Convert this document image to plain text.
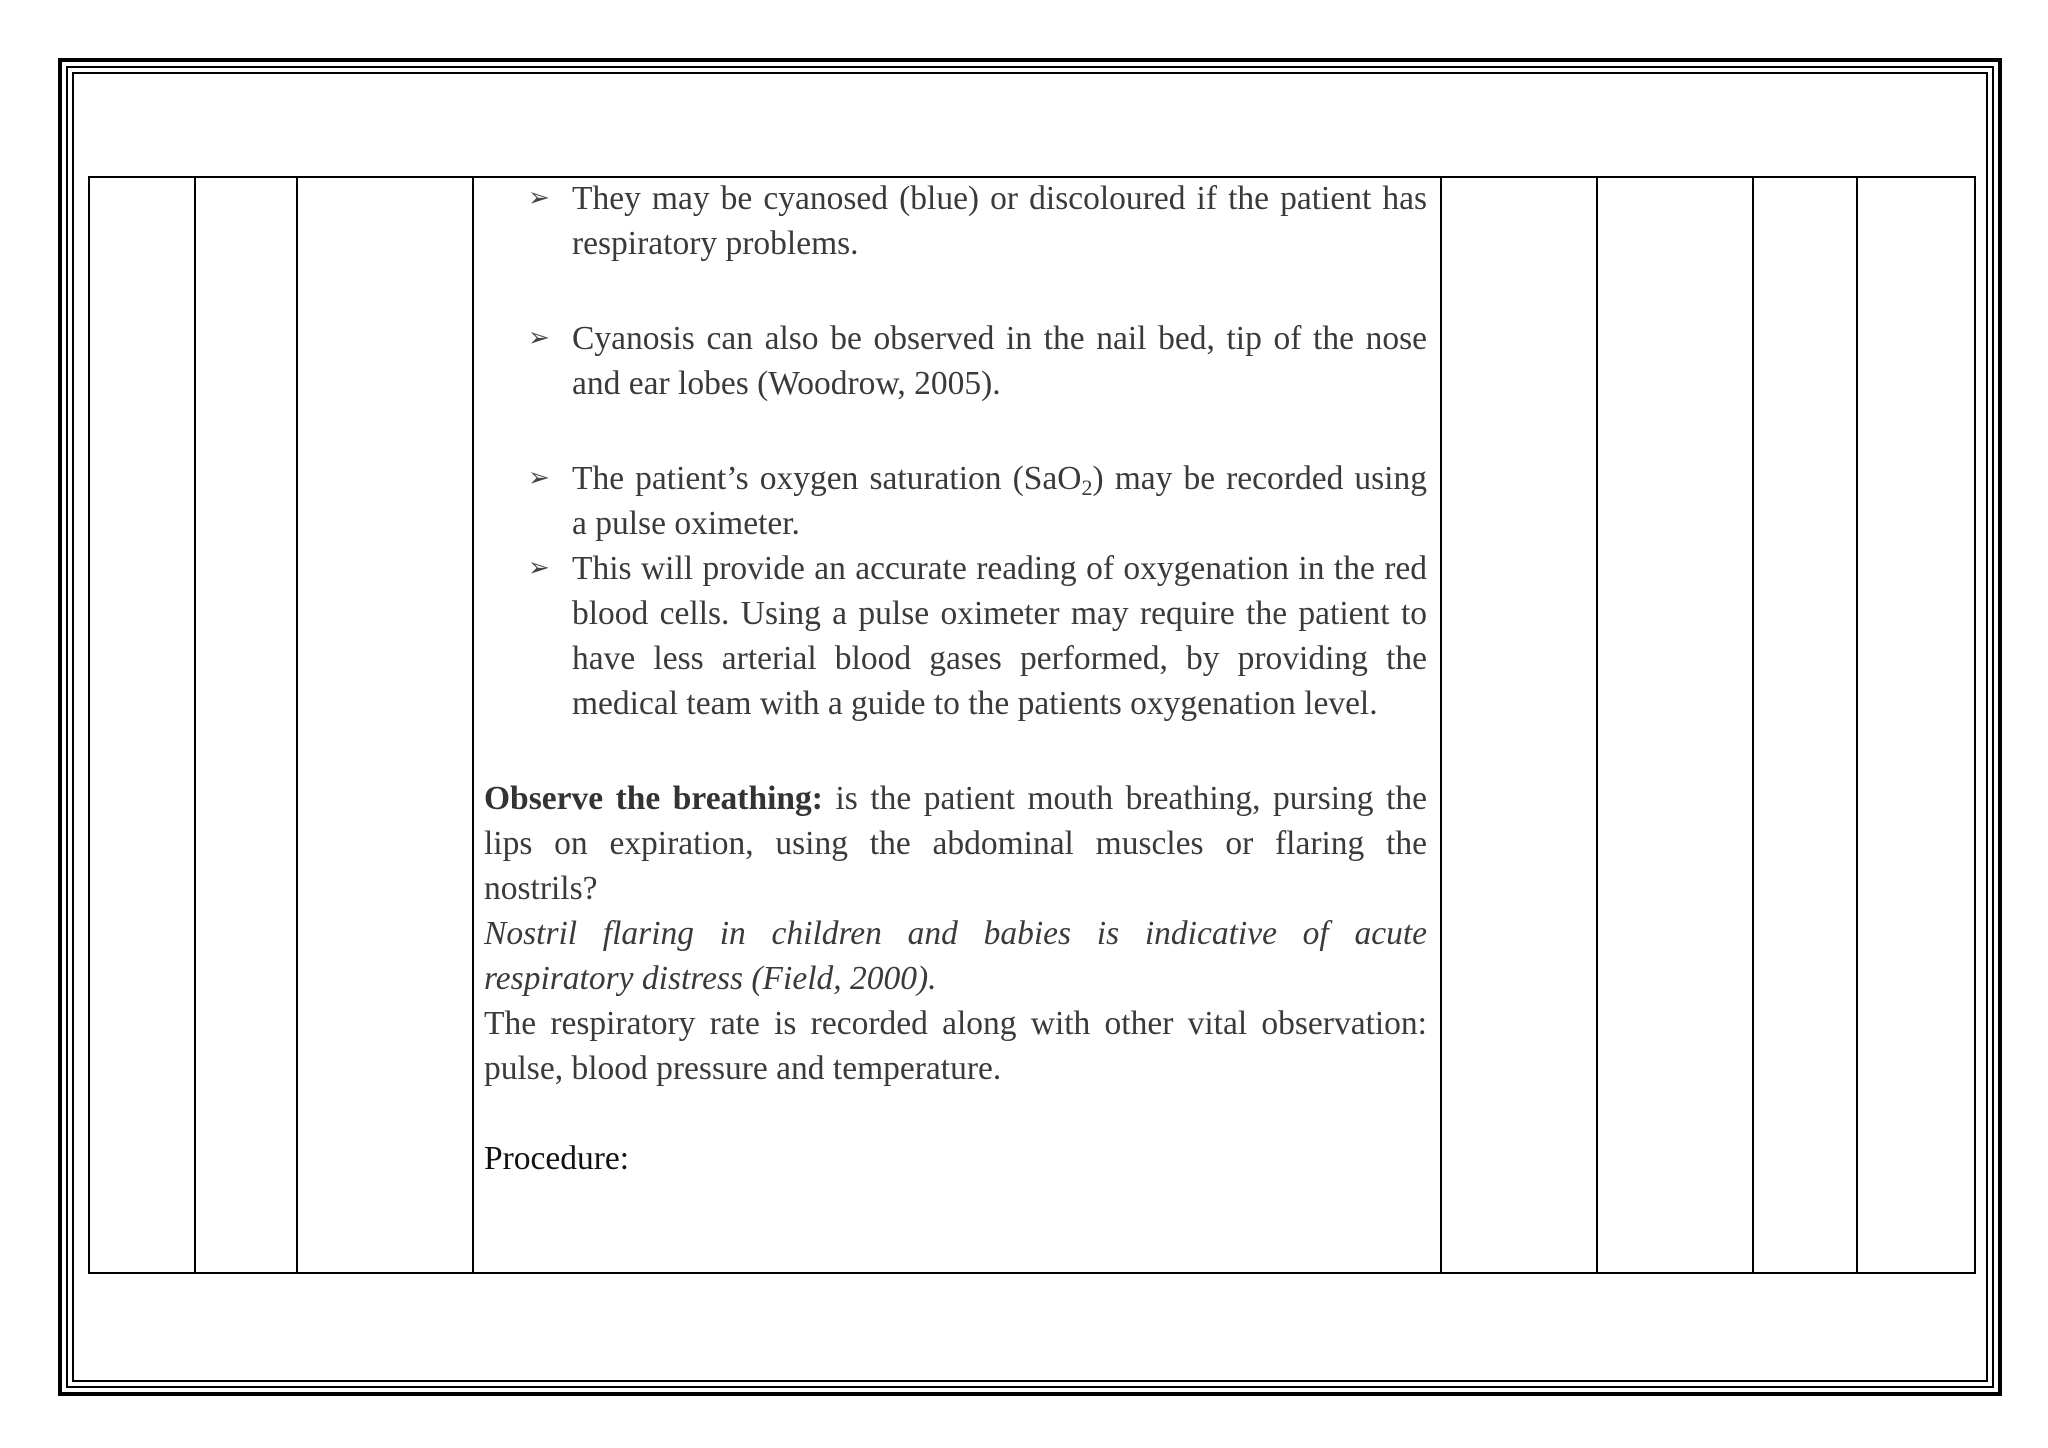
➢ They may be cyanosed (blue) or discoloured if the patient has respiratory problems.
➢ Cyanosis can also be observed in the nail bed, tip of the nose and ear lobes (Woodrow, 2005).
➢ The patient’s oxygen saturation (SaO$_2$) may be recorded using a pulse oximeter.
➢ This will provide an accurate reading of oxygenation in the red blood cells. Using a pulse oximeter may require the patient to have less arterial blood gases performed, by providing the medical team with a guide to the patients oxygenation level.
Observe the breathing: is the patient mouth breathing, pursing the lips on expiration, using the abdominal muscles or flaring the nostrils?
Nostril flaring in children and babies is indicative of acute respiratory distress (Field, 2000).
The respiratory rate is recorded along with other vital observation: pulse, blood pressure and temperature.
Procedure:
